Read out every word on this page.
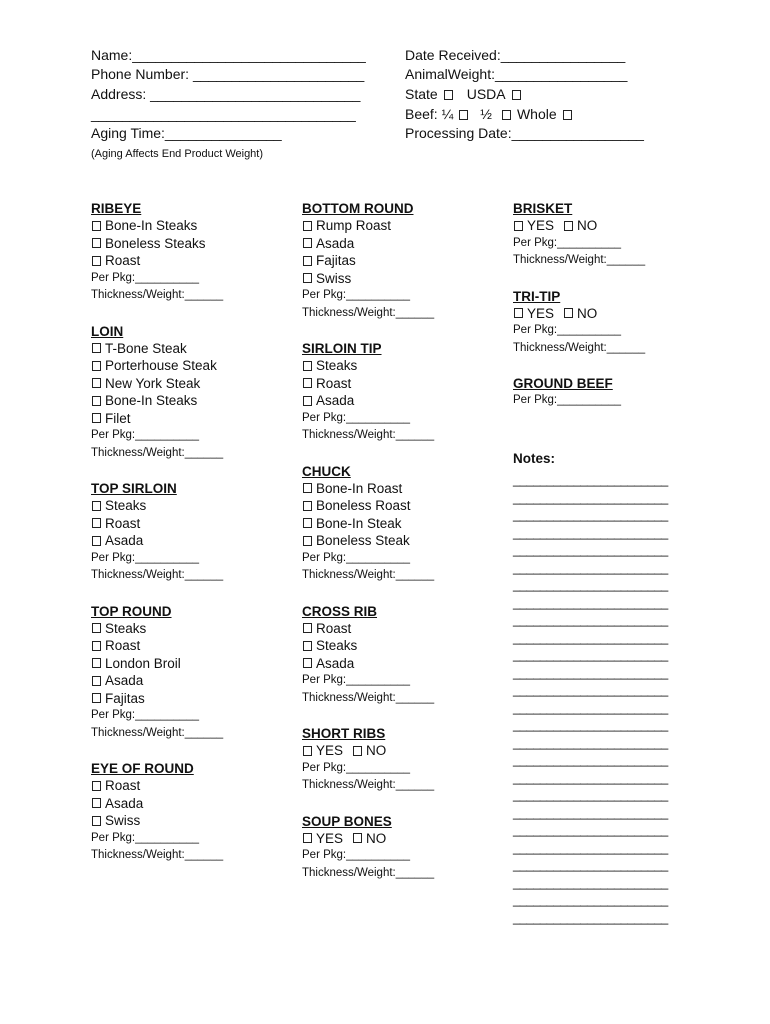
Name:______________________________
Phone Number: ______________________
Address: ___________________________
__________________________________
Aging Time:_______________
(Aging Affects End Product Weight)
Date Received:________________
AnimalWeight:_________________
State USDA
Beef: ¼ ½ Whole
Processing Date:_________________
RIBEYE
Bone-In Steaks
Boneless Steaks
Roast
Per Pkg:__________
Thickness/Weight:______
LOIN
T-Bone Steak
Porterhouse Steak
New York Steak
Bone-In Steaks
Filet
Per Pkg:__________
Thickness/Weight:______
TOP SIRLOIN
Steaks
Roast
Asada
Per Pkg:__________
Thickness/Weight:______
TOP ROUND
Steaks
Roast
London Broil
Asada
Fajitas
Per Pkg:__________
Thickness/Weight:______
EYE OF ROUND
Roast
Asada
Swiss
Per Pkg:__________
Thickness/Weight:______
BOTTOM ROUND
Rump Roast
Asada
Fajitas
Swiss
Per Pkg:__________
Thickness/Weight:______
SIRLOIN TIP
Steaks
Roast
Asada
Per Pkg:__________
Thickness/Weight:______
CHUCK
Bone-In Roast
Boneless Roast
Bone-In Steak
Boneless Steak
Per Pkg:__________
Thickness/Weight:______
CROSS RIB
Roast
Steaks
Asada
Per Pkg:__________
Thickness/Weight:______
SHORT RIBS
YES NO
Per Pkg:__________
Thickness/Weight:______
SOUP BONES
YES NO
Per Pkg:__________
Thickness/Weight:______
BRISKET
YES NO
Per Pkg:__________
Thickness/Weight:______
TRI-TIP
YES NO
Per Pkg:__________
Thickness/Weight:______
GROUND BEEF
Per Pkg:__________
Notes:
_______________________
_______________________
_______________________
_______________________
_______________________
_______________________
_______________________
_______________________
_______________________
_______________________
_______________________
_______________________
_______________________
_______________________
_______________________
_______________________
_______________________
_______________________
_______________________
_______________________
_______________________
_______________________
_______________________
_______________________
_______________________
_______________________
